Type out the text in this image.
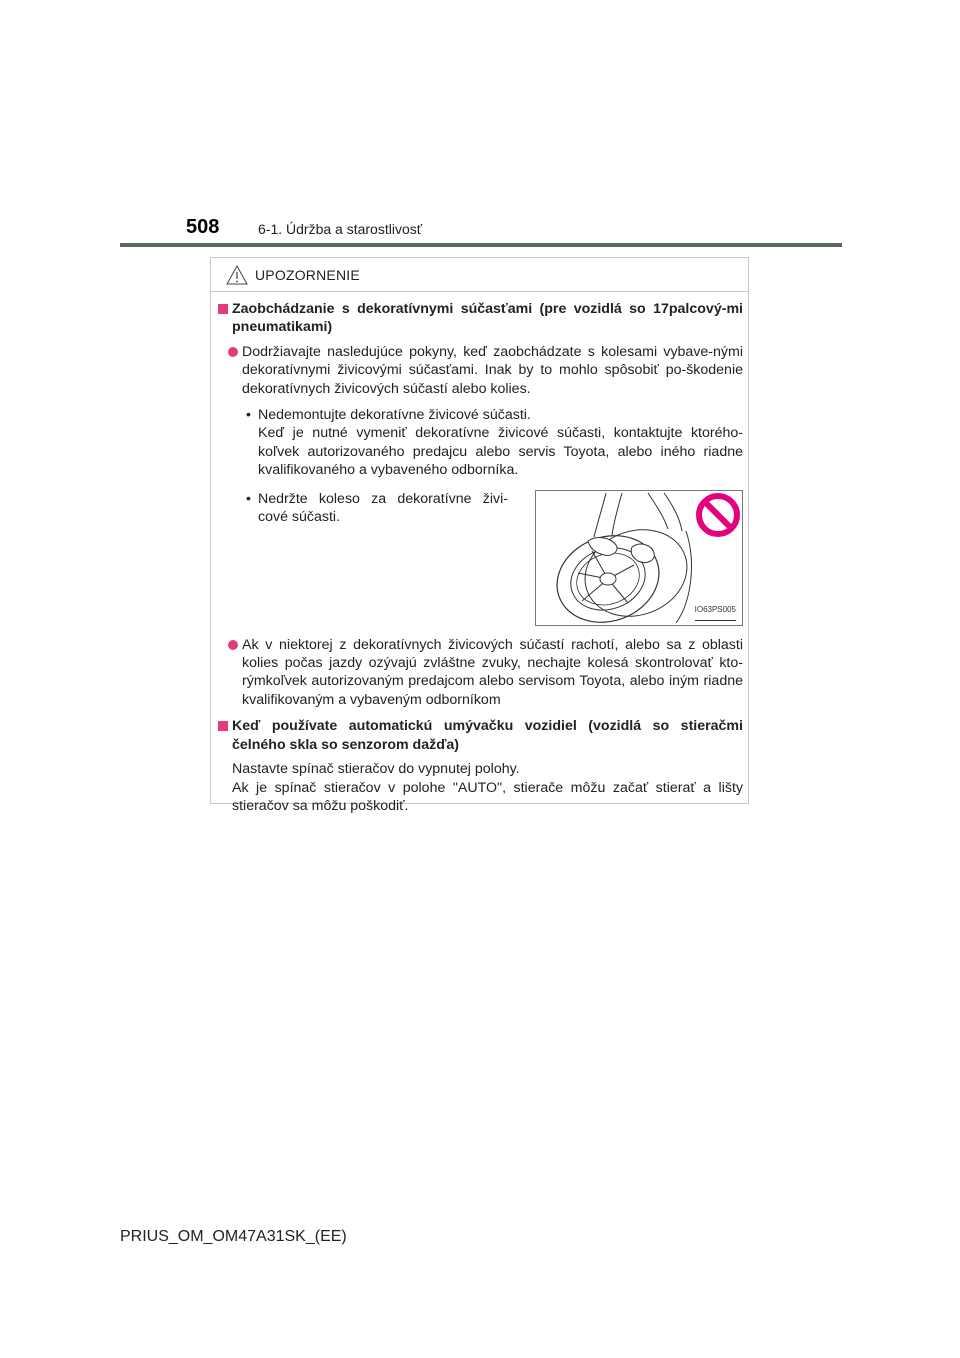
508	6-1. Údržba a starostlivosť
UPOZORNENIE
Zaobchádzanie s dekoratívnymi súčasťami (pre vozidlá so 17palcový-mi pneumatikami)
Dodržiavajte nasledujúce pokyny, keď zaobchádzate s kolesami vybave-nými dekoratívnymi živicovými súčasťami. Inak by to mohlo spôsobiť po-škodenie dekoratívnych živicových súčastí alebo kolies.
• Nedemontujte dekoratívne živicové súčasti.
Keď je nutné vymeniť dekoratívne živicové súčasti, kontaktujte ktorého-koľvek autorizovaného predajcu alebo servis Toyota, alebo iného riadne kvalifikovaného a vybaveného odborníka.
• Nedržte koleso za dekoratívne živi-cové súčasti.
IO63PS005
Ak v niektorej z dekoratívnych živicových súčastí rachotí, alebo sa z oblasti kolies počas jazdy ozývajú zvláštne zvuky, nechajte kolesá skontrolovať kto-rýmkoľvek autorizovaným predajcom alebo servisom Toyota, alebo iným riadne kvalifikovaným a vybaveným odborníkom
Keď používate automatickú umývačku vozidiel (vozidlá so stieračmi čelného skla so senzorom dažďa)
Nastavte spínač stieračov do vypnutej polohy.
Ak je spínač stieračov v polohe "AUTO", stierače môžu začať stierať a lišty stieračov sa môžu poškodiť.
PRIUS_OM_OM47A31SK_(EE)
